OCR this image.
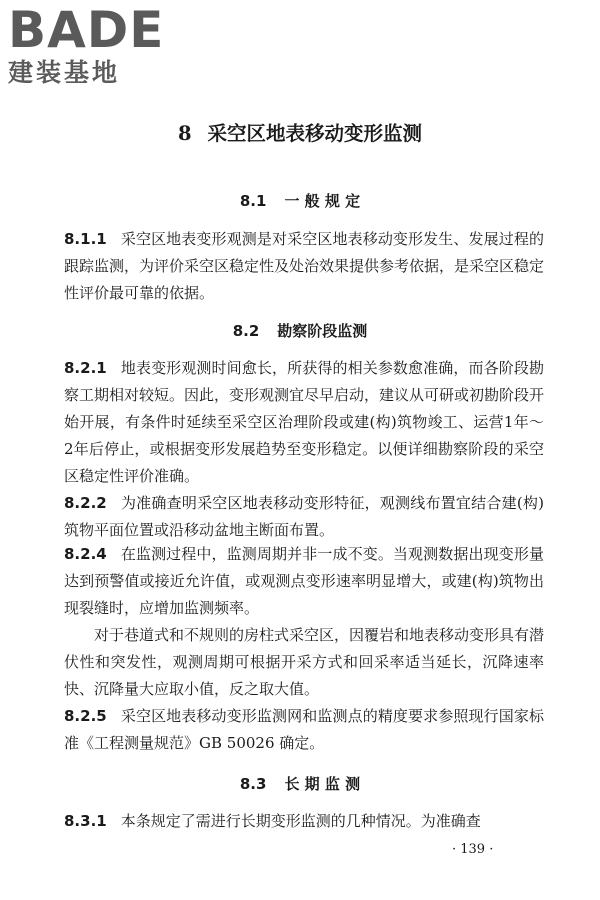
BADE
建装基地
8 采空区地表移动变形监测
8.1 一 般 规 定

8.1.1 采空区地表变形观测是对采空区地表移动变形发生、发展过程的跟踪监测，为评价采空区稳定性及处治效果提供参考依据，是采空区稳定性评价最可靠的依据。

8.2 勘察阶段监测

8.2.1 地表变形观测时间愈长，所获得的相关参数愈准确，而各阶段勘察工期相对较短。因此，变形观测宜尽早启动，建议从可研或初勘阶段开始开展，有条件时延续至采空区治理阶段或建(构)筑物竣工、运营1年～2年后停止，或根据变形发展趋势至变形稳定。以便详细勘察阶段的采空区稳定性评价准确。

8.2.2 为准确查明采空区地表移动变形特征，观测线布置宜结合建(构)筑物平面位置或沿移动盆地主断面布置。

8.2.4 在监测过程中，监测周期并非一成不变。当观测数据出现变形量达到预警值或接近允许值，或观测点变形速率明显增大，或建(构)筑物出现裂缝时，应增加监测频率。

对于巷道式和不规则的房柱式采空区，因覆岩和地表移动变形具有潜伏性和突发性，观测周期可根据开采方式和回采率适当延长，沉降速率快、沉降量大应取小值，反之取大值。

8.2.5 采空区地表移动变形监测网和监测点的精度要求参照现行国家标准《工程测量规范》GB 50026 确定。

8.3 长 期 监 测

8.3.1 本条规定了需进行长期变形监测的几种情况。为准确查

· 139 ·
